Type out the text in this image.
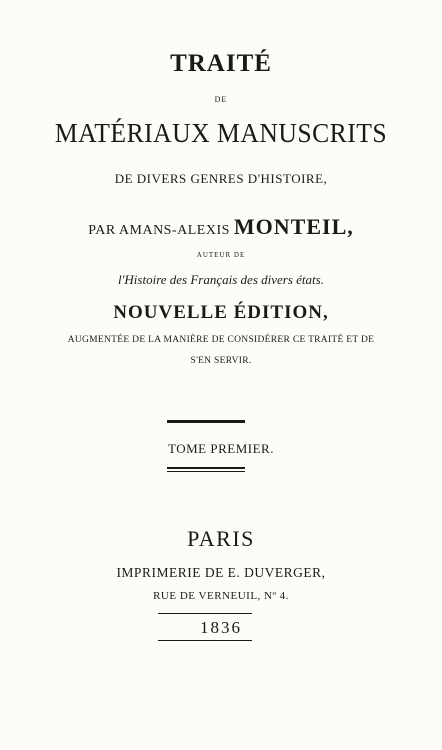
TRAITÉ
DE
MATÉRIAUX MANUSCRITS
DE DIVERS GENRES D'HISTOIRE,
PAR AMANS-ALEXIS MONTEIL,
AUTEUR DE
l'Histoire des Français des divers états.
NOUVELLE ÉDITION,
AUGMENTÉE DE LA MANIÈRE DE CONSIDÉRER CE TRAITÉ ET DE
S'EN SERVIR.
TOME PREMIER.
PARIS
IMPRIMERIE DE E. DUVERGER,
RUE DE VERNEUIL, Nº 4.
1836
